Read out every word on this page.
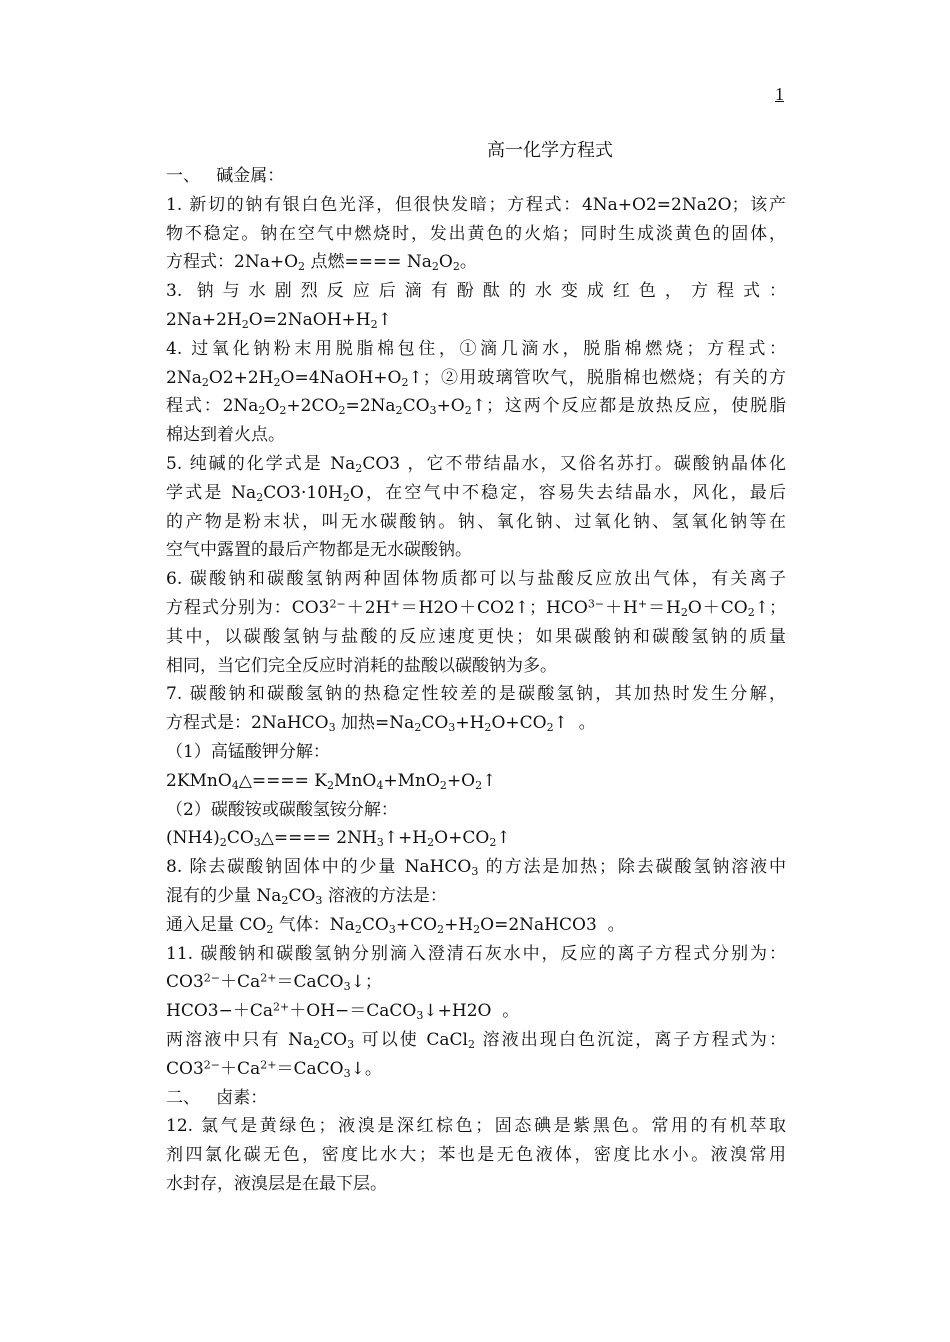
1
高一化学方程式
一、   碱金属：
1. 新切的钠有银白色光泽，但很快发暗；方程式：4Na+O2=2Na2O；该产
物不稳定。钠在空气中燃烧时，发出黄色的火焰；同时生成淡黄色的固体，
方程式：$2Na+O_2$ 点燃==== $Na_2O_2$。
3. 钠与水剧烈反应后滴有酚酞的水变成红色，方程式：
$2Na+2H_2O=2NaOH+H_2↑$
4. 过氧化钠粉末用脱脂棉包住，①滴几滴水，脱脂棉燃烧；方程式：
$2Na_2O2+2H_2O=4NaOH+O_2↑$；②用玻璃管吹气，脱脂棉也燃烧；有关的方
程式：$2Na_2O_2+2CO_2=2Na_2CO_3+O_2↑$；这两个反应都是放热反应，使脱脂
棉达到着火点。
5. 纯碱的化学式是 $Na_2CO3$ ，它不带结晶水，又俗名苏打。碳酸钠晶体化
学式是 $Na_2CO3\cdot 10H_2O$，在空气中不稳定，容易失去结晶水，风化，最后
的产物是粉末状，叫无水碳酸钠。钠、氧化钠、过氧化钠、氢氧化钠等在
空气中露置的最后产物都是无水碳酸钠。
6. 碳酸钠和碳酸氢钠两种固体物质都可以与盐酸反应放出气体，有关离子
方程式分别为：$CO3^{2-}+2H^+=H2O+CO2↑$；$HCO^{3-}+H^+=H_2O+CO_2↑$；
其中，以碳酸氢钠与盐酸的反应速度更快；如果碳酸钠和碳酸氢钠的质量
相同，当它们完全反应时消耗的盐酸以碳酸钠为多。
7. 碳酸钠和碳酸氢钠的热稳定性较差的是碳酸氢钠，其加热时发生分解，
方程式是：2NaHCO$_3$ 加热$=Na_2CO_3+H_2O+CO_2↑$  。
（1）高锰酸钾分解：
2KMnO$_4$△==== $K_2MnO_4+MnO_2+O_2↑$
（2）碳酸铵或碳酸氢铵分解：
$(NH4)_2CO_3\triangle====$ $2NH_3↑+H_2O+CO_2↑$
8. 除去碳酸钠固体中的少量 NaHCO$_3$ 的方法是加热；除去碳酸氢钠溶液中
混有的少量 $Na_2CO_3$ 溶液的方法是：
通入足量 $CO_2$ 气体：$Na_2CO_3+CO_2+H_2O=2NaHCO3$  。
11. 碳酸钠和碳酸氢钠分别滴入澄清石灰水中，反应的离子方程式分别为：
$CO3^{2-}+Ca^{2+}=CaCO_3↓$；
$HCO3-+Ca^{2+}+OH-=CaCO_3↓+H2O$  。
两溶液中只有 $Na_2CO_3$ 可以使 CaCl$_2$ 溶液出现白色沉淀，离子方程式为：
$CO3^{2-}+Ca^{2+}=CaCO_3↓$。
二、   卤素：
12. 氯气是黄绿色；液溴是深红棕色；固态碘是紫黑色。常用的有机萃取
剂四氯化碳无色，密度比水大；苯也是无色液体，密度比水小。液溴常用
水封存，液溴层是在最下层。
